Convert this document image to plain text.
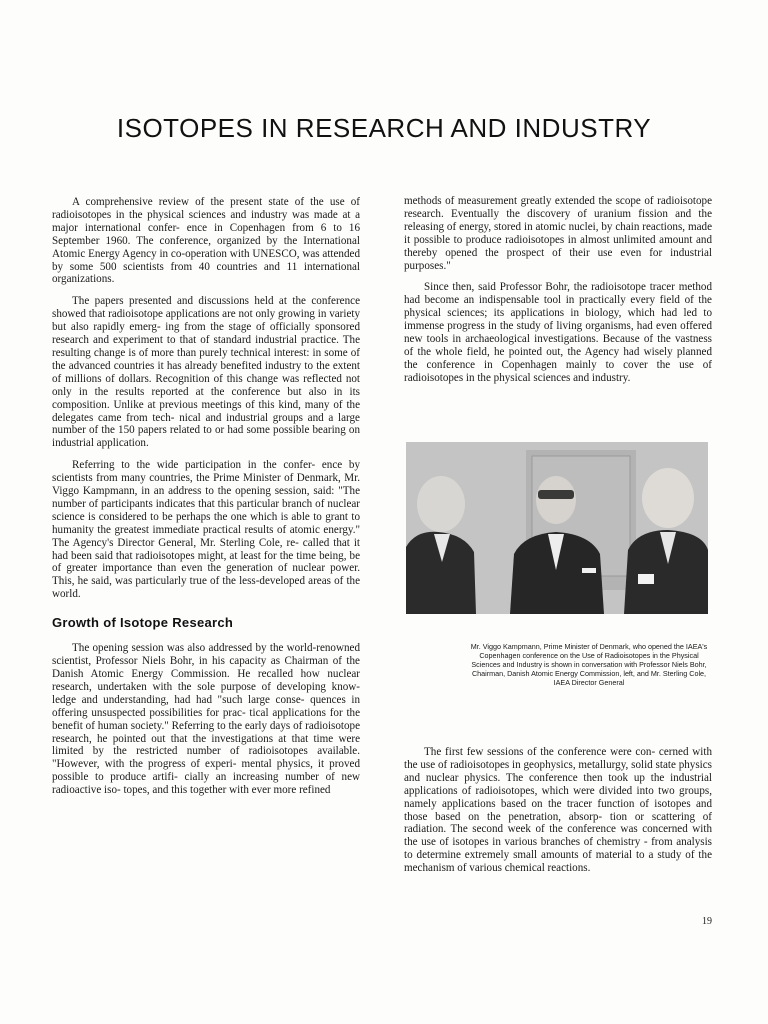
ISOTOPES IN RESEARCH AND INDUSTRY

A comprehensive review of the present state of the use of radioisotopes in the physical sciences and industry was made at a major international confer- ence in Copenhagen from 6 to 16 September 1960. The conference, organized by the International Atomic Energy Agency in co-operation with UNESCO, was attended by some 500 scientists from 40 countries and 11 international organizations.

The papers presented and discussions held at the conference showed that radioisotope applications are not only growing in variety but also rapidly emerg- ing from the stage of officially sponsored research and experiment to that of standard industrial practice. The resulting change is of more than purely technical interest: in some of the advanced countries it has already benefited industry to the extent of millions of dollars. Recognition of this change was reflected not only in the results reported at the conference but also in its composition. Unlike at previous meetings of this kind, many of the delegates came from tech- nical and industrial groups and a large number of the 150 papers related to or had some possible bearing on industrial application.

Referring to the wide participation in the confer- ence by scientists from many countries, the Prime Minister of Denmark, Mr. Viggo Kampmann, in an address to the opening session, said: "The number of participants indicates that this particular branch of nuclear science is considered to be perhaps the one which is able to grant to humanity the greatest immediate practical results of atomic energy." The Agency's Director General, Mr. Sterling Cole, re- called that it had been said that radioisotopes might, at least for the time being, be of greater importance than even the generation of nuclear power. This, he said, was particularly true of the less-developed areas of the world.

Growth of Isotope Research

The opening session was also addressed by the world-renowned scientist, Professor Niels Bohr, in his capacity as Chairman of the Danish Atomic Energy Commission. He recalled how nuclear research, undertaken with the sole purpose of developing know- ledge and understanding, had had "such large conse- quences in offering unsuspected possibilities for prac- tical applications for the benefit of human society." Referring to the early days of radioisotope research, he pointed out that the investigations at that time were limited by the restricted number of radioisotopes available. "However, with the progress of experi- mental physics, it proved possible to produce artifi- cially an increasing number of new radioactive iso- topes, and this together with ever more refined

methods of measurement greatly extended the scope of radioisotope research. Eventually the discovery of uranium fission and the releasing of energy, stored in atomic nuclei, by chain reactions, made it possible to produce radioisotopes in almost unlimited amount and thereby opened the prospect of their use even for industrial purposes."

Since then, said Professor Bohr, the radioisotope tracer method had become an indispensable tool in practically every field of the physical sciences; its applications in biology, which had led to immense progress in the study of living organisms, had even offered new tools in archaeological investigations. Because of the vastness of the whole field, he pointed out, the Agency had wisely planned the conference in Copenhagen mainly to cover the use of radioisotopes in the physical sciences and industry.

Mr. Viggo Kampmann, Prime Minister of Denmark, who opened the IAEA's Copenhagen conference on the Use of Radioisotopes in the Physical Sciences and Industry is shown in conversation with Professor Niels Bohr, Chairman, Danish Atomic Energy Commission, left, and Mr. Sterling Cole, IAEA Director General

The first few sessions of the conference were con- cerned with the use of radioisotopes in geophysics, metallurgy, solid state physics and nuclear physics. The conference then took up the industrial applications of radioisotopes, which were divided into two groups, namely applications based on the tracer function of isotopes and those based on the penetration, absorp- tion or scattering of radiation. The second week of the conference was concerned with the use of isotopes in various branches of chemistry - from analysis to determine extremely small amounts of material to a study of the mechanism of various chemical reactions.

19
